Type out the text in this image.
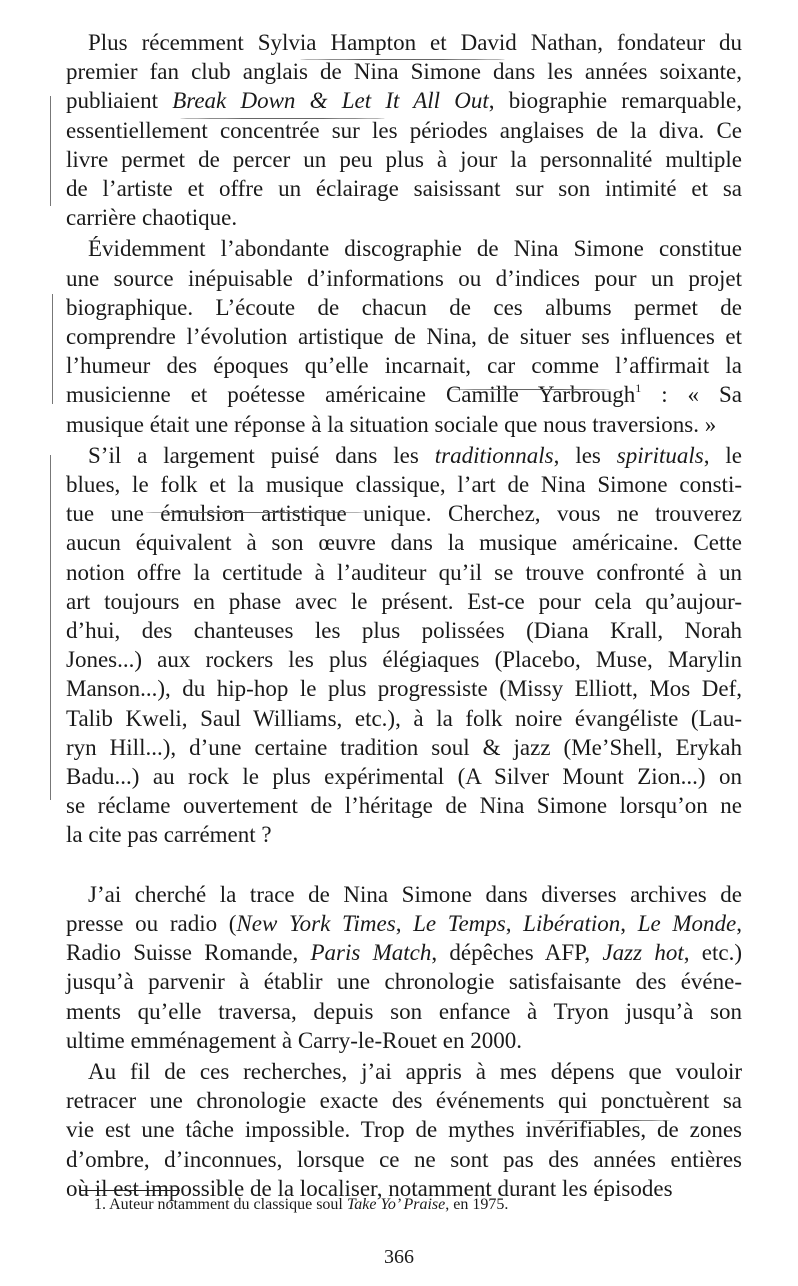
Plus récemment Sylvia Hampton et David Nathan, fondateur du
premier fan club anglais de Nina Simone dans les années soixante,
publiaient Break Down & Let It All Out, biographie remarquable,
essentiellement concentrée sur les périodes anglaises de la diva. Ce
livre permet de percer un peu plus à jour la personnalité multiple
de l’artiste et offre un éclairage saisissant sur son intimité et sa
carrière chaotique.
Évidemment l’abondante discographie de Nina Simone constitue
une source inépuisable d’informations ou d’indices pour un projet
biographique. L’écoute de chacun de ces albums permet de
comprendre l’évolution artistique de Nina, de situer ses influences et
l’humeur des époques qu’elle incarnait, car comme l’affirmait la
musicienne et poétesse américaine Camille Yarbrough$^1$ : « Sa
musique était une réponse à la situation sociale que nous traversions. »
S’il a largement puisé dans les traditionnals, les spirituals, le
blues, le folk et la musique classique, l’art de Nina Simone consti-
tue une émulsion artistique unique. Cherchez, vous ne trouverez
aucun équivalent à son œuvre dans la musique américaine. Cette
notion offre la certitude à l’auditeur qu’il se trouve confronté à un
art toujours en phase avec le présent. Est-ce pour cela qu’aujour-
d’hui, des chanteuses les plus polissées (Diana Krall, Norah
Jones...) aux rockers les plus élégiaques (Placebo, Muse, Marylin
Manson...), du hip-hop le plus progressiste (Missy Elliott, Mos Def,
Talib Kweli, Saul Williams, etc.), à la folk noire évangéliste (Lau-
ryn Hill...), d’une certaine tradition soul & jazz (Me’Shell, Erykah
Badu...) au rock le plus expérimental (A Silver Mount Zion...) on
se réclame ouvertement de l’héritage de Nina Simone lorsqu’on ne
la cite pas carrément ?
J’ai cherché la trace de Nina Simone dans diverses archives de
presse ou radio (New York Times, Le Temps, Libération, Le Monde,
Radio Suisse Romande, Paris Match, dépêches AFP, Jazz hot, etc.)
jusqu’à parvenir à établir une chronologie satisfaisante des événe-
ments qu’elle traversa, depuis son enfance à Tryon jusqu’à son
ultime emménagement à Carry-le-Rouet en 2000.
Au fil de ces recherches, j’ai appris à mes dépens que vouloir
retracer une chronologie exacte des événements qui ponctuèrent sa
vie est une tâche impossible. Trop de mythes invérifiables, de zones
d’ombre, d’inconnues, lorsque ce ne sont pas des années entières
où il est impossible de la localiser, notamment durant les épisodes
1. Auteur notamment du classique soul Take Yo’ Praise, en 1975.
366
